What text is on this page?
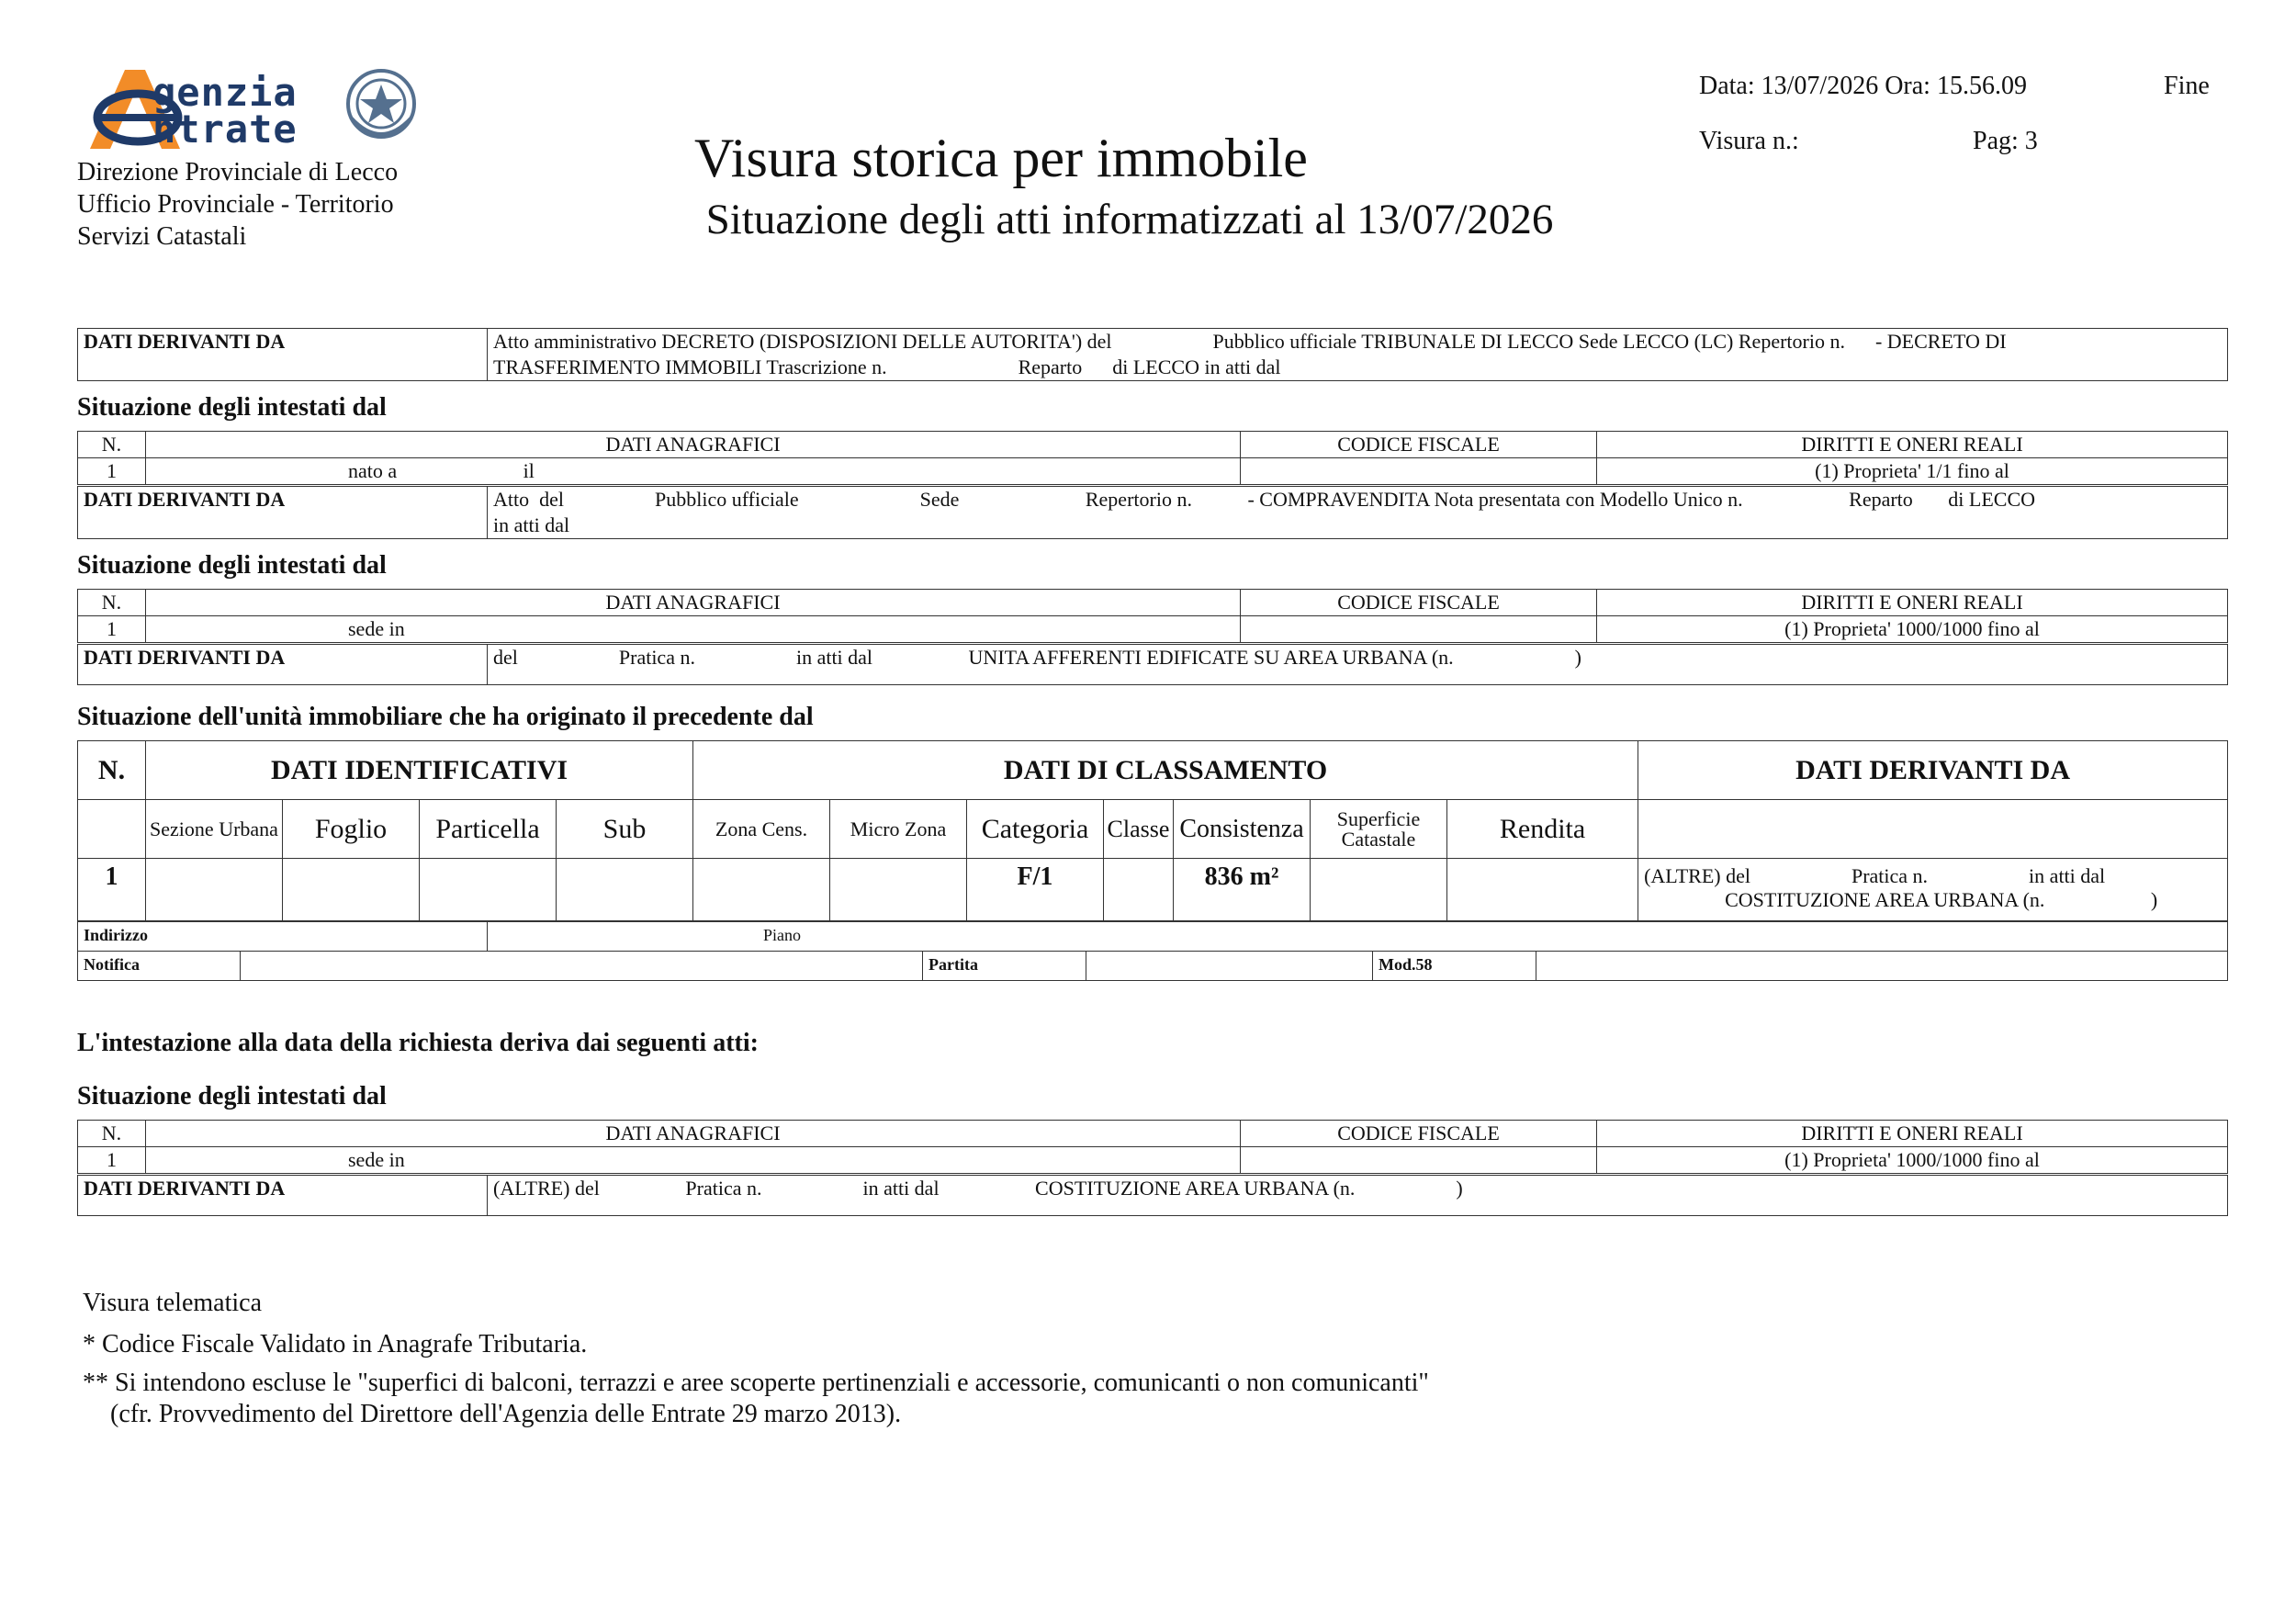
genzia
ntrate
Direzione Provinciale di Lecco
Ufficio Provinciale - Territorio
Servizi Catastali
Visura storica per immobile
Situazione degli atti informatizzati al 13/07/2026
Data: 13/07/2026 Ora: 15.56.09	Fine
Visura n.:	Pag: 3
DATI DERIVANTI DA	Atto amministrativo DECRETO (DISPOSIZIONI DELLE AUTORITA') del                    Pubblico ufficiale TRIBUNALE DI LECCO Sede LECCO (LC) Repertorio n.      - DECRETO DI
TRASFERIMENTO IMMOBILI Trascrizione n.                          Reparto      di LECCO in atti dal
Situazione degli intestati dal
N.	DATI ANAGRAFICI	CODICE FISCALE	DIRITTI E ONERI REALI
1	nato a                         il		(1) Proprieta' 1/1 fino al
DATI DERIVANTI DA	Atto  del                  Pubblico ufficiale                        Sede                         Repertorio n.           - COMPRAVENDITA Nota presentata con Modello Unico n.                     Reparto       di LECCO
in atti dal
Situazione degli intestati dal
N.	DATI ANAGRAFICI	CODICE FISCALE	DIRITTI E ONERI REALI
1	sede in		(1) Proprieta' 1000/1000 fino al
DATI DERIVANTI DA	del                    Pratica n.                    in atti dal                   UNITA AFFERENTI EDIFICATE SU AREA URBANA (n.                        )
Situazione dell'unità immobiliare che ha originato il precedente dal
N.	DATI IDENTIFICATIVI				DATI DI CLASSAMENTO							DATI DERIVANTI DA
	Sezione Urbana	Foglio	Particella	Sub	Zona Cens.	Micro Zona	Categoria	Classe	Consistenza	Superficie Catastale	Rendita	
1							F/1		836 m²			(ALTRE) del                    Pratica n.                    in atti dal
COSTITUZIONE AREA URBANA (n.                     )
Indirizzo	Piano
Notifica		Partita		Mod.58	
L'intestazione alla data della richiesta deriva dai seguenti atti:
Situazione degli intestati dal
N.	DATI ANAGRAFICI	CODICE FISCALE	DIRITTI E ONERI REALI
1	sede in		(1) Proprieta' 1000/1000 fino al
DATI DERIVANTI DA	(ALTRE) del                 Pratica n.                    in atti dal                   COSTITUZIONE AREA URBANA (n.                    )
Visura telematica
* Codice Fiscale Validato in Anagrafe Tributaria.
** Si intendono escluse le "superfici di balconi, terrazzi e aree scoperte pertinenziali e accessorie, comunicanti o non comunicanti"
(cfr. Provvedimento del Direttore dell'Agenzia delle Entrate 29 marzo 2013).
